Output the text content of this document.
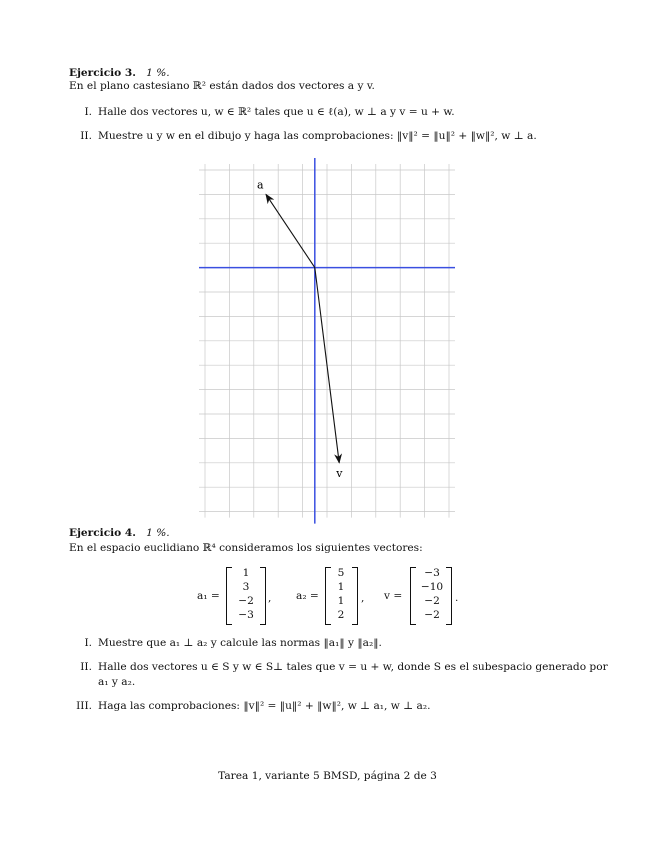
Ejercicio 3. 1 %.
En el plano castesiano ℝ² están dados dos vectores a y v.
I. Halle dos vectores u, w ∈ ℝ² tales que u ∈ ℓ(a), w ⊥ a y v = u + w.
II. Muestre u y w en el dibujo y haga las comprobaciones: ‖v‖² = ‖u‖² + ‖w‖², w ⊥ a.
a
v
Ejercicio 4. 1 %.
En el espacio euclidiano ℝ⁴ consideramos los siguientes vectores:
a₁ =
1
3
−2
−3
, a₂ =
5
1
1
2
, v =
−3
−10
−2
−2
.
I. Muestre que a₁ ⊥ a₂ y calcule las normas ‖a₁‖ y ‖a₂‖.
II. Halle dos vectores u ∈ S y w ∈ S⊥ tales que v = u + w, donde S es el subespacio generado por
a₁ y a₂.
III. Haga las comprobaciones: ‖v‖² = ‖u‖² + ‖w‖², w ⊥ a₁, w ⊥ a₂.
Tarea 1, variante 5 BMSD, página 2 de 3
